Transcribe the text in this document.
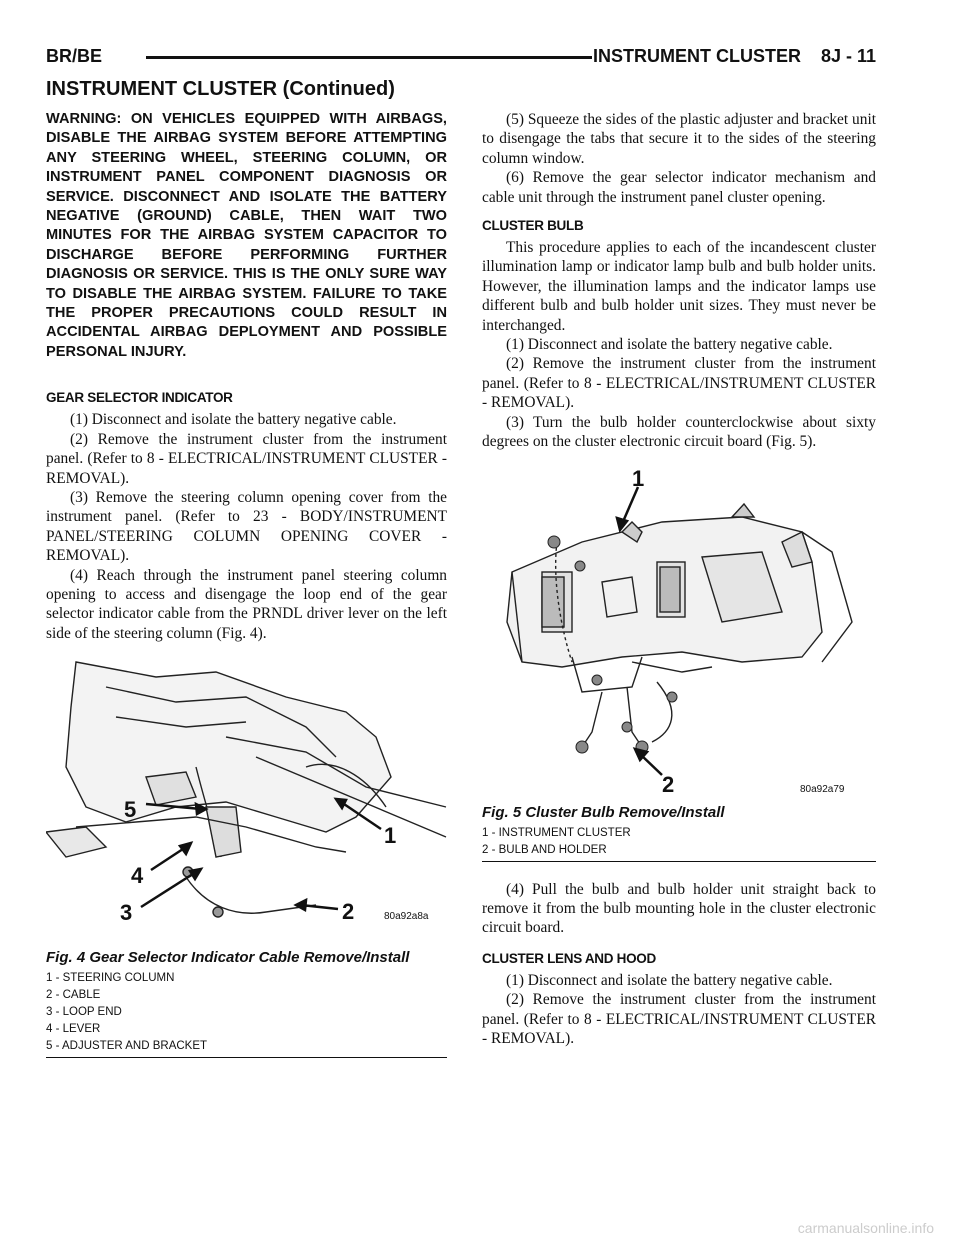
BR/BE	INSTRUMENT CLUSTER    8J - 11
INSTRUMENT CLUSTER (Continued)

WARNING: ON VEHICLES EQUIPPED WITH AIRBAGS, DISABLE THE AIRBAG SYSTEM BEFORE ATTEMPTING ANY STEERING WHEEL, STEERING COLUMN, OR INSTRUMENT PANEL COMPONENT DIAGNOSIS OR SERVICE. DISCONNECT AND ISOLATE THE BATTERY NEGATIVE (GROUND) CABLE, THEN WAIT TWO MINUTES FOR THE AIRBAG SYSTEM CAPACITOR TO DISCHARGE BEFORE PERFORMING FURTHER DIAGNOSIS OR SERVICE. THIS IS THE ONLY SURE WAY TO DISABLE THE AIRBAG SYSTEM. FAILURE TO TAKE THE PROPER PRECAUTIONS COULD RESULT IN ACCIDENTAL AIRBAG DEPLOYMENT AND POSSIBLE PERSONAL INJURY.

GEAR SELECTOR INDICATOR

(1) Disconnect and isolate the battery negative cable.

(2) Remove the instrument cluster from the instrument panel. (Refer to 8 - ELECTRICAL/INSTRUMENT CLUSTER - REMOVAL).

(3) Remove the steering column opening cover from the instrument panel. (Refer to 23 - BODY/INSTRUMENT PANEL/STEERING COLUMN OPENING COVER - REMOVAL).

(4) Reach through the instrument panel steering column opening to access and disengage the loop end of the gear selector indicator cable from the PRNDL driver lever on the left side of the steering column (Fig. 4).

5
1
4
3	2	80a92a8a
Fig. 4 Gear Selector Indicator Cable Remove/Install
1 - STEERING COLUMN
2 - CABLE
3 - LOOP END
4 - LEVER
5 - ADJUSTER AND BRACKET

(5) Squeeze the sides of the plastic adjuster and bracket unit to disengage the tabs that secure it to the sides of the steering column window.

(6) Remove the gear selector indicator mechanism and cable unit through the instrument panel cluster opening.

CLUSTER BULB

This procedure applies to each of the incandescent cluster illumination lamp or indicator lamp bulb and bulb holder units. However, the illumination lamps and the indicator lamps use different bulb and bulb holder unit sizes. They must never be interchanged.

(1) Disconnect and isolate the battery negative cable.

(2) Remove the instrument cluster from the instrument panel. (Refer to 8 - ELECTRICAL/INSTRUMENT CLUSTER - REMOVAL).

(3) Turn the bulb holder counterclockwise about sixty degrees on the cluster electronic circuit board (Fig. 5).

1
2	80a92a79
Fig. 5 Cluster Bulb Remove/Install
1 - INSTRUMENT CLUSTER
2 - BULB AND HOLDER

(4) Pull the bulb and bulb holder unit straight back to remove it from the bulb mounting hole in the cluster electronic circuit board.

CLUSTER LENS AND HOOD

(1) Disconnect and isolate the battery negative cable.

(2) Remove the instrument cluster from the instrument panel. (Refer to 8 - ELECTRICAL/INSTRUMENT CLUSTER - REMOVAL).

carmanualsonline.info
